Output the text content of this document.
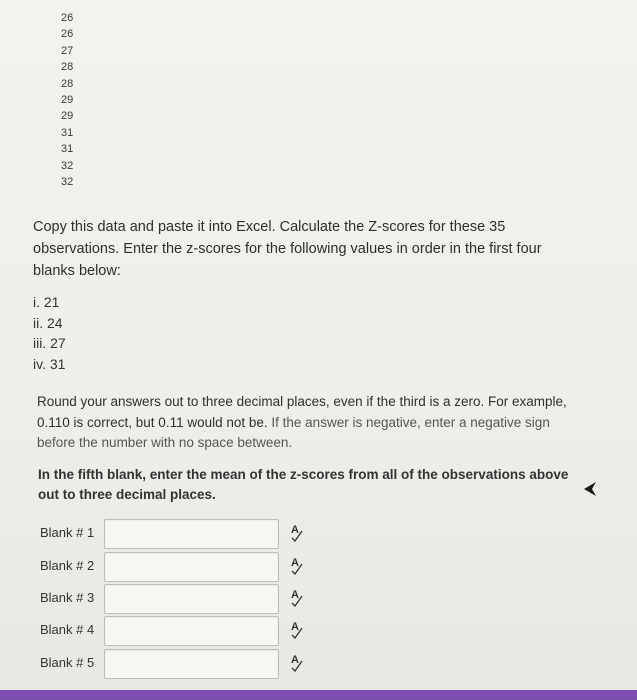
26
26
27
28
28
29
29
31
31
32
32
Copy this data and paste it into Excel. Calculate the Z-scores for these 35 observations. Enter the z-scores for the following values in order in the first four blanks below:
i. 21
ii. 24
iii. 27
iv. 31
Round your answers out to three decimal places, even if the third is a zero. For example, 0.110 is correct, but 0.11 would not be. If the answer is negative, enter a negative sign before the number with no space between.
In the fifth blank, enter the mean of the z-scores from all of the observations above out to three decimal places.
Blank # 1	A
Blank # 2	A
Blank # 3	A
Blank # 4	A
Blank # 5	A
